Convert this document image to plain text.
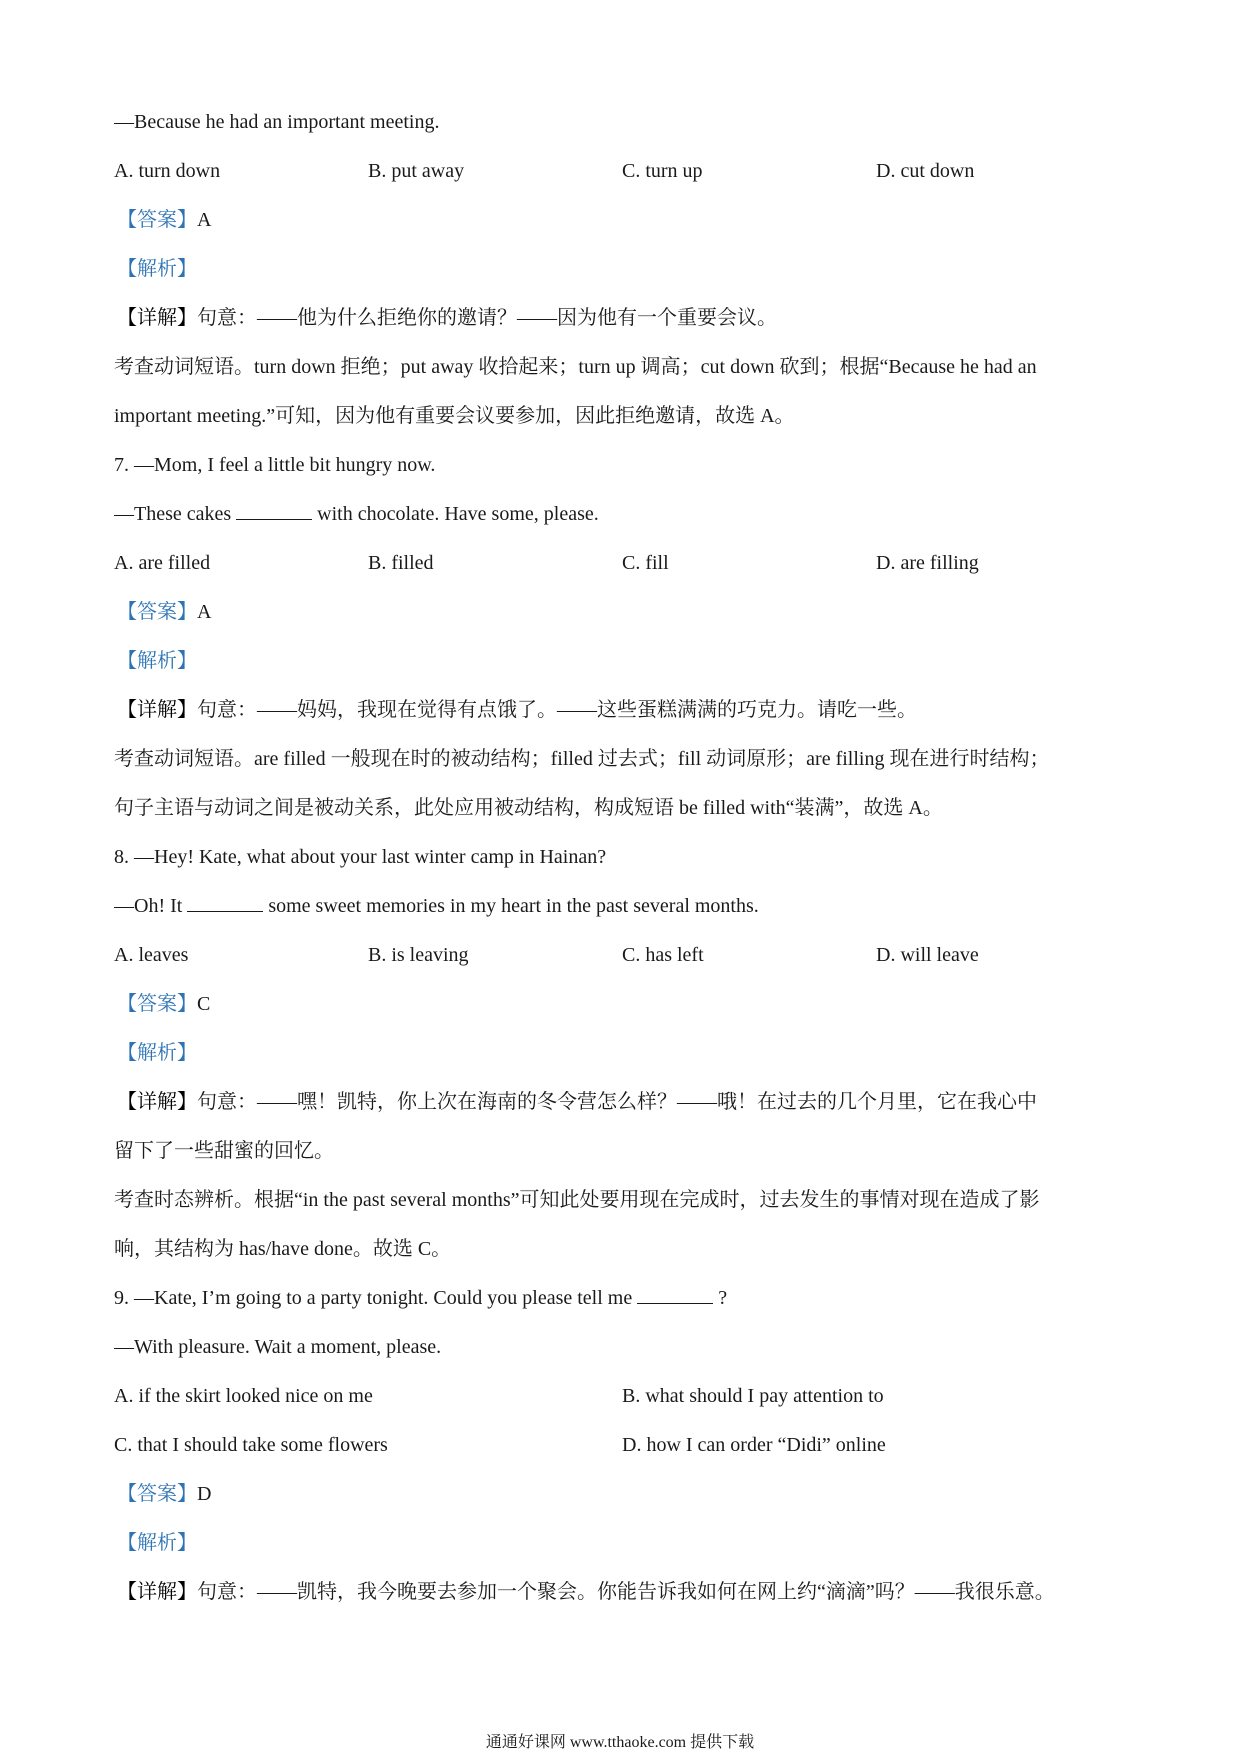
—Because he had an important meeting.
A. turn down	B. put away	C. turn up	D. cut down
【答案】A
【解析】
【详解】句意：——他为什么拒绝你的邀请？——因为他有一个重要会议。
考查动词短语。turn down 拒绝；put away 收拾起来；turn up 调高；cut down 砍到；根据“Because he had an
important meeting.”可知，因为他有重要会议要参加，因此拒绝邀请，故选 A。
7. —Mom, I feel a little bit hungry now.
—These cakes	with chocolate. Have some, please.
A. are filled	B. filled	C. fill	D. are filling
【答案】A
【解析】
【详解】句意：——妈妈，我现在觉得有点饿了。——这些蛋糕满满的巧克力。请吃一些。
考查动词短语。are filled 一般现在时的被动结构；filled 过去式；fill 动词原形；are filling 现在进行时结构；
句子主语与动词之间是被动关系，此处应用被动结构，构成短语 be filled with“装满”，故选 A。
8. —Hey! Kate, what about your last winter camp in Hainan?
—Oh! It	some sweet memories in my heart in the past several months.
A. leaves	B. is leaving	C. has left	D. will leave
【答案】C
【解析】
【详解】句意：——嘿！凯特，你上次在海南的冬令营怎么样？——哦！在过去的几个月里，它在我心中
留下了一些甜蜜的回忆。
考查时态辨析。根据“in the past several months”可知此处要用现在完成时，过去发生的事情对现在造成了影
响，其结构为 has/have done。故选 C。
9. —Kate, I’m going to a party tonight. Could you please tell me	?
—With pleasure. Wait a moment, please.
A. if the skirt looked nice on me	B. what should I pay attention to
C. that I should take some flowers	D. how I can order “Didi” online
【答案】D
【解析】
【详解】句意：——凯特，我今晚要去参加一个聚会。你能告诉我如何在网上约“滴滴”吗？——我很乐意。
通通好课网 www.tthaoke.com 提供下载
